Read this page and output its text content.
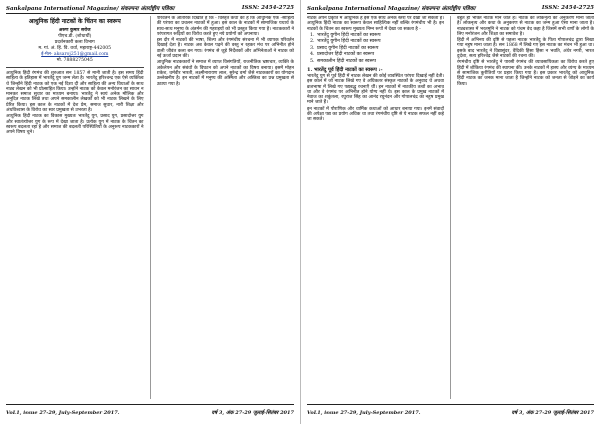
Sankalpana International Magazine/ संकल्पना अंतर्राष्ट्रीय पत्रिका	ISSN: 2454-2725
आधुनिक हिंदी नाटकों के चिंतन का स्वरूप
अरुण कुमार सरोज
पीएच.डी. (शोधार्थी)
प्रदर्शनकारी कला विभाग
म. गां. अं. हिं. वि. वर्धा, महाराष्ट्र-442005
ई-मेल- aksaroj251@gmail.com
मो. 7888275045

आधुनिक हिंदी रंगमंच की शुरुआत सन 1857 से मानी जाती है। इस समय हिंदी साहित्य के इतिहास में भारतेंदु युग जन्म लेता है। भारतेंदु हरिश्चन्द्र एक ऐसे व्यक्तित्व थे जिन्होंने हिंदी नाटक को एक नई दिशा दी और साहित्य की अन्य विधाओं के साथ नाट्य लेखन को भी प्रोत्साहित किया। उन्होंने नाटक को केवल मनोरंजन का साधन न मानकर समाज सुधार का माध्यम बनाया। भारतेंदु ने स्वयं अनेक मौलिक और अनूदित नाटक लिखे तथा अपने समकालीन लेखकों को भी नाटक लिखने के लिए प्रेरित किया। इस काल के नाटकों में देश प्रेम, समाज सुधार, नारी शिक्षा और अंधविश्वास के विरोध का स्वर प्रमुखता से उभरता है।

आधुनिक हिंदी नाटक का विकास मुख्यतः भारतेंदु युग, प्रसाद युग, प्रसादोत्तर युग और स्वातंत्र्योत्तर युग के रूप में देखा जाता है। प्रत्येक युग में नाटक के चिंतन का स्वरूप बदलता रहा है और समाज की बदलती परिस्थितियों के अनुरूप नाटककारों ने अपने विषय चुने।

परिवर्तन के आंतरिक दिखाते हैं कि - विस्तृत कथा का है कि आधुनिक एक -साहित्य की परंपरा का प्रचलन नाटकों में हुआ। इस काल के नाटकों में सामाजिक यथार्थ के साथ-साथ मनुष्य के अंतर्मन की गहराइयों को भी प्रस्तुत किया गया है। नाटककारों ने परंपरागत रूढ़ियों का विरोध करते हुए नये प्रयोगों को अपनाया।

इस दौर में नाटकों की भाषा, शिल्प और रंगमंचीय संरचना में भी व्यापक परिवर्तन दिखाई देता है। नाटक अब केवल पढ़ने की वस्तु न रहकर मंच पर अभिनीत होने वाली जीवंत कला बन गया। रंगमंच से जुड़े निर्देशकों और अभिनेताओं ने नाटक को नई ऊर्जा प्रदान की।

आधुनिक नाटककारों ने समाज में व्याप्त विसंगतियों, राजनीतिक भ्रष्टाचार, व्यक्ति के अकेलेपन और संबंधों के विघटन को अपने नाटकों का विषय बनाया। इसमें मोहन राकेश, धर्मवीर भारती, लक्ष्मीनारायण लाल, सुरेन्द्र वर्मा जैसे नाटककारों का योगदान उल्लेखनीय है। इन नाटकों में मनुष्य की अस्मिता और अस्तित्व का प्रश्न प्रमुखता से उठाया गया है।

VoL1, issue 27-29, July-September 2017.	वर्ष 3, अंक 27-29 जुलाई-सितंबर 2017
Sankalpana International Magazine/ संकल्पना अंतर्राष्ट्रीय पत्रिका	ISSN: 2454-2725

नाटक अपने प्रकृति में आधुनिक है इसे एक साथ अनेक स्तरों पर देखा जा सकता है। आधुनिक हिंदी नाटक का स्वरूप केवल साहित्यिक नहीं बल्कि रंगमंचीय भी है। इन नाटकों के चिंतन का स्वरूप मुख्यतः निम्न रूपों में देखा जा सकता है -

1. भारतेंदु युगीन हिंदी नाटकों का स्वरूप
2. भारतेंदु युगीन हिंदी नाटकों का स्वरूप
3. प्रसाद युगीन हिंदी नाटकों का स्वरूप
4. प्रसादोत्तर हिंदी नाटकों का स्वरूप
5. समकालीन हिंदी नाटकों का स्वरूप
1. भारतेंदु पूर्व हिंदी नाटकों का स्वरूप :-

भारतेंदु युग से पूर्व हिंदी में नाटक लेखन की कोई व्यवस्थित परंपरा दिखाई नहीं देती। इस काल में जो नाटक लिखे गए वे अधिकतर संस्कृत नाटकों के अनुवाद थे अथवा ब्रजभाषा में लिखे गए पद्यबद्ध रचनाएँ थीं। इन नाटकों में नाटकीय तत्वों का अभाव था और वे रंगमंच पर अभिनीत होने योग्य नहीं थे। इस काल के प्रमुख नाटकों में नेवाज का शकुंतला, रघुराज सिंह का आनंद रघुनंदन और गोपालचंद्र का नहुष प्रमुख माने जाते हैं।

इन नाटकों में पौराणिक और धार्मिक कथाओं को आधार बनाया गया। इनमें संवादों की अपेक्षा पद्य का प्रयोग अधिक था तथा रंगमंचीय दृष्टि से ये नाटक सफल नहीं कहे जा सकते।

बहुत ही भक्ति नाटक माने जाते हैं। नाटक को लोकनृत्य का अनुकरण माना जाता है। लोकनृत्य और कथा के अनुकरण से नाटक का जन्म हुआ ऐसा माना जाता है। नाट्यशास्त्र में भरतमुनि ने नाटक को पंचम वेद कहा है जिसमें सभी वर्णों के लोगों के लिए मनोरंजन और शिक्षा का समावेश है।

हिंदी में अभिनय की दृष्टि से पहला नाटक भारतेंदु के पिता गोपालचंद्र द्वारा लिखा गया नहुष माना जाता है। सन 1868 में लिखे गए इस नाटक का मंचन भी हुआ था। इसके बाद भारतेंदु ने विद्यासुंदर, वैदिकी हिंसा हिंसा न भवति, अंधेर नगरी, भारत दुर्दशा, सत्य हरिश्चंद्र जैसे नाटकों की रचना की।

रंगमंचीय दृष्टि से भारतेंदु ने पारसी रंगमंच की व्यावसायिकता का विरोध करते हुए हिंदी में शौकिया रंगमंच की स्थापना की। उनके नाटकों में हास्य और व्यंग्य के माध्यम से सामाजिक कुरीतियों पर प्रहार किया गया है। इस प्रकार भारतेंदु को आधुनिक हिंदी नाटक का जनक माना जाता है जिन्होंने नाटक को जनता से जोड़ने का कार्य किया।

VoL1, issue 27-29, July-September 2017.	वर्ष 3, अंक 27-29 जुलाई-सितंबर 2017
